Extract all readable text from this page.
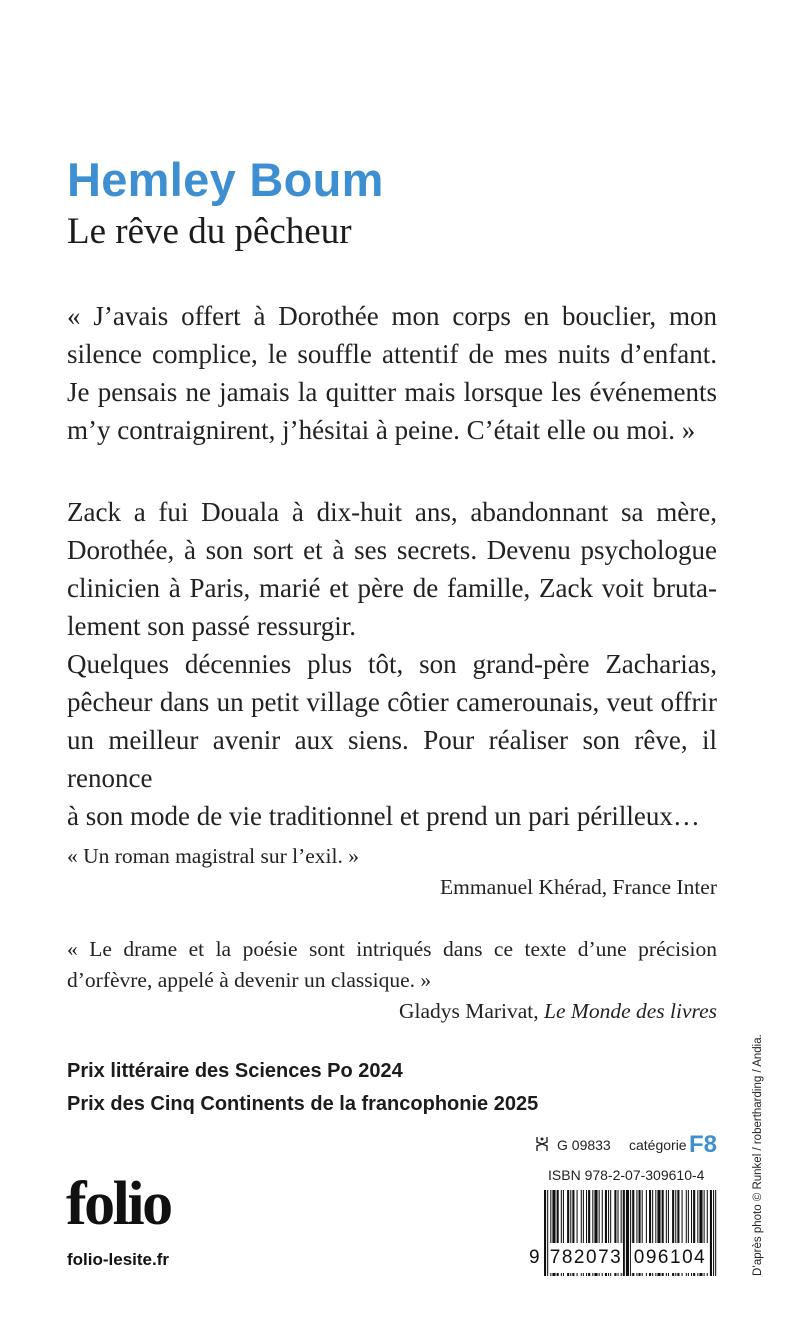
Hemley Boum
Le rêve du pêcheur
« J’avais offert à Dorothée mon corps en bouclier, mon
silence complice, le souffle attentif de mes nuits d’enfant.
Je pensais ne jamais la quitter mais lorsque les événements
m’y contraignirent, j’hésitai à peine. C’était elle ou moi. »
Zack a fui Douala à dix-huit ans, abandonnant sa mère,
Dorothée, à son sort et à ses secrets. Devenu psychologue
clinicien à Paris, marié et père de famille, Zack voit bruta-
lement son passé ressurgir.
Quelques décennies plus tôt, son grand-père Zacharias,
pêcheur dans un petit village côtier camerounais, veut offrir
un meilleur avenir aux siens. Pour réaliser son rêve, il renonce
à son mode de vie traditionnel et prend un pari périlleux…
« Un roman magistral sur l’exil. »
Emmanuel Khérad, France Inter
« Le drame et la poésie sont intriqués dans ce texte d’une précision
d’orfèvre, appelé à devenir un classique. »
Gladys Marivat, Le Monde des livres
Prix littéraire des Sciences Po 2024
Prix des Cinq Continents de la francophonie 2025
folio
folio-lesite.fr
G 09833 catégorie F8
ISBN 978-2-07-309610-4
9 782073 096104	D’après photo © Runkel / robertharding / Andia.
